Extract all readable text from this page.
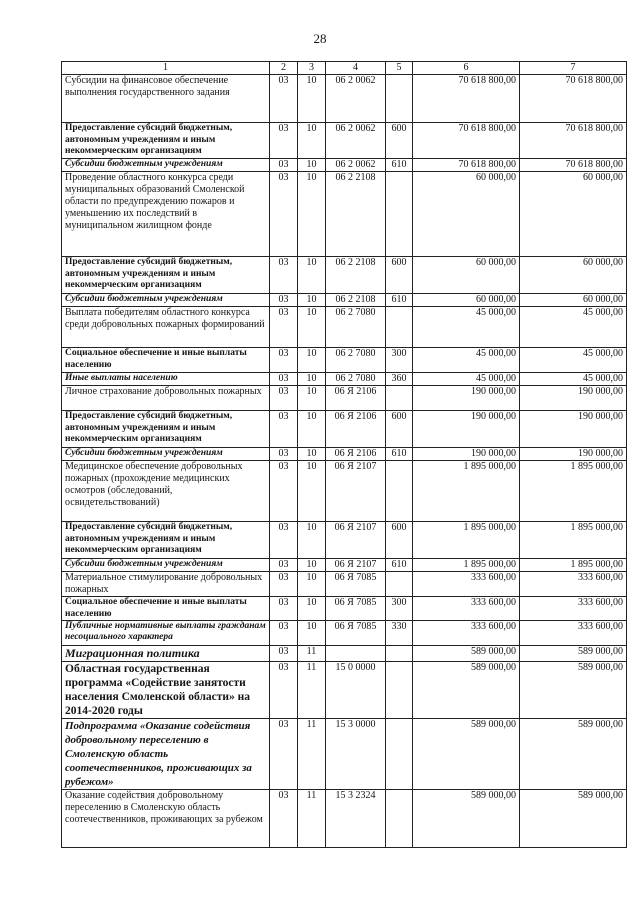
28
1	2	3	4	5	6	7
Субсидии на финансовое обеспечение выполнения государственного задания	03	10	06 2 0062		70 618 800,00	70 618 800,00
Предоставление субсидий бюджетным, автономным учреждениям и иным некоммерческим организациям	03	10	06 2 0062	600	70 618 800,00	70 618 800,00
Субсидии бюджетным учреждениям	03	10	06 2 0062	610	70 618 800,00	70 618 800,00
Проведение областного конкурса среди муниципальных образований Смоленской области по предупреждению пожаров и уменьшению их последствий в муниципальном жилищном фонде	03	10	06 2 2108		60 000,00	60 000,00
Предоставление субсидий бюджетным, автономным учреждениям и иным некоммерческим организациям	03	10	06 2 2108	600	60 000,00	60 000,00
Субсидии бюджетным учреждениям	03	10	06 2 2108	610	60 000,00	60 000,00
Выплата победителям областного конкурса среди добровольных пожарных формирований	03	10	06 2 7080		45 000,00	45 000,00
Социальное обеспечение и иные выплаты населению	03	10	06 2 7080	300	45 000,00	45 000,00
Иные выплаты населению	03	10	06 2 7080	360	45 000,00	45 000,00
Личное страхование добровольных пожарных	03	10	06 Я 2106		190 000,00	190 000,00
Предоставление субсидий бюджетным, автономным учреждениям и иным некоммерческим организациям	03	10	06 Я 2106	600	190 000,00	190 000,00
Субсидии бюджетным учреждениям	03	10	06 Я 2106	610	190 000,00	190 000,00
Медицинское обеспечение добровольных пожарных (прохождение медицинских осмотров (обследований, освидетельствований)	03	10	06 Я 2107		1 895 000,00	1 895 000,00
Предоставление субсидий бюджетным, автономным учреждениям и иным некоммерческим организациям	03	10	06 Я 2107	600	1 895 000,00	1 895 000,00
Субсидии бюджетным учреждениям	03	10	06 Я 2107	610	1 895 000,00	1 895 000,00
Материальное стимулирование добровольных пожарных	03	10	06 Я 7085		333 600,00	333 600,00
Социальное обеспечение и иные выплаты населению	03	10	06 Я 7085	300	333 600,00	333 600,00
Публичные нормативные выплаты гражданам несоциального характера	03	10	06 Я 7085	330	333 600,00	333 600,00
Миграционная политика	03	11			589 000,00	589 000,00
Областная государственная программа «Содействие занятости населения Смоленской области» на 2014-2020 годы	03	11	15 0 0000		589 000,00	589 000,00
Подпрограмма «Оказание содействия добровольному переселению в Смоленскую область соотечественников, проживающих за рубежом»	03	11	15 3 0000		589 000,00	589 000,00
Оказание содействия добровольному переселению в Смоленскую область соотечественников, проживающих за рубежом	03	11	15 3 2324		589 000,00	589 000,00
